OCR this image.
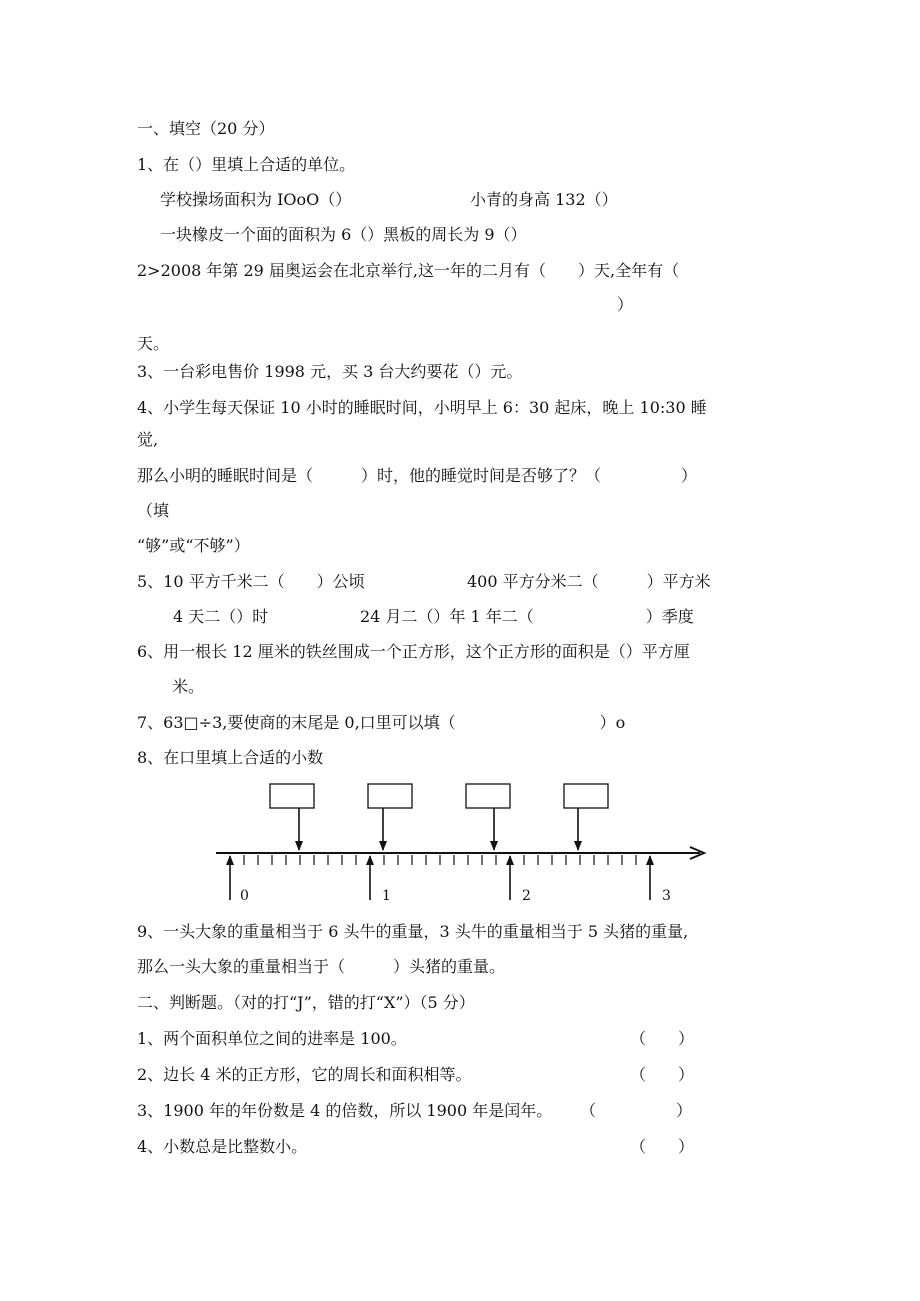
一、填空（20 分）
1、在（）里填上合适的单位。
学校操场面积为 IOoO（）	小青的身高 132（）
一块橡皮一个面的面积为 6（）黑板的周长为 9（）
2>2008 年第 29 届奥运会在北京举行,这一年的二月有（　　）天,全年有（
）
天。
3、一台彩电售价 1998 元，买 3 台大约要花（）元。
4、小学生每天保证 10 小时的睡眠时间，小明早上 6：30 起床，晚上 10:30 睡
觉,
那么小明的睡眠时间是（　　　）时，他的睡觉时间是否够了？（　　　　　）
（填
“够”或“不够”）
5、10 平方千米二（　　）公顷	400 平方分米二（　　　）平方米
4 天二（）时	24 月二（）年 1 年二（　　　　　　　）季度
6、用一根长 12 厘米的铁丝围成一个正方形，这个正方形的面积是（）平方厘
米。
7、63□÷3,要使商的末尾是 0,口里可以填（　　　　　　　　　）o
8、在口里填上合适的小数
0	1	2	3
9、一头大象的重量相当于 6 头牛的重量，3 头牛的重量相当于 5 头猪的重量,
那么一头大象的重量相当于（　　　）头猪的重量。
二、判断题。（对的打“J”，错的打“X”）（5 分）
1、两个面积单位之间的进率是 100。	（　　）
2、边长 4 米的正方形，它的周长和面积相等。	（　　）
3、1900 年的年份数是 4 的倍数，所以 1900 年是闰年。 （　　　　　）
4、小数总是比整数小。	（　　）
